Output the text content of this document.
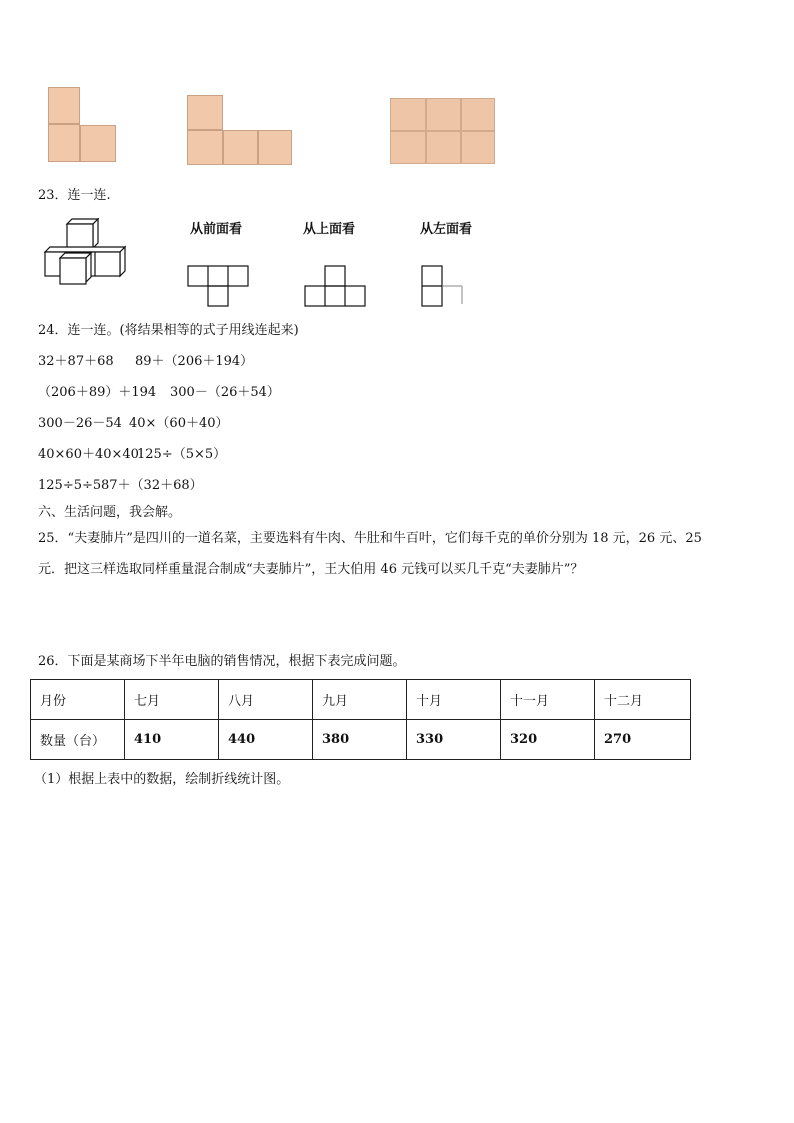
23．连一连.
从前面看	从上面看	从左面看
24．连一连。(将结果相等的式子用线连起来)
32＋87＋68 89＋（206＋194）
（206＋89）＋194 300－（26＋54）
300－26－54 40×（60＋40）
40×60＋40×40
125÷（5×5）
125÷5÷5 87＋（32＋68）
六、生活问题，我会解。
25．“夫妻肺片”是四川的一道名菜，主要选料有牛肉、牛肚和牛百叶，它们每千克的单价分别为 18 元，26 元、25
元．把这三样选取同样重量混合制成“夫妻肺片”，王大伯用 46 元钱可以买几千克“夫妻肺片”？
26．下面是某商场下半年电脑的销售情况，根据下表完成问题。
月份	七月	八月	九月	十月	十一月	十二月
数量（台）	410	440	380	330	320	270
（1）根据上表中的数据，绘制折线统计图。
